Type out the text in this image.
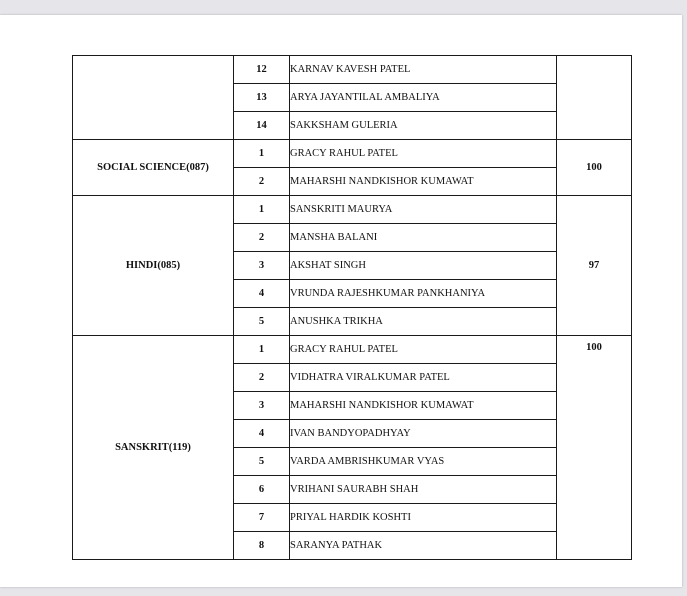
	12	KARNAV KAVESH PATEL	
	13	ARYA JAYANTILAL AMBALIYA	
	14	SAKKSHAM GULERIA	
SOCIAL SCIENCE(087)	1	GRACY RAHUL PATEL	100
	2	MAHARSHI NANDKISHOR KUMAWAT	
HINDI(085)	1	SANSKRITI MAURYA	97
	2	MANSHA BALANI	
	3	AKSHAT SINGH	
	4	VRUNDA RAJESHKUMAR PANKHANIYA	
	5	ANUSHKA TRIKHA	
SANSKRIT(119)	1	GRACY RAHUL PATEL	100
	2	VIDHATRA VIRALKUMAR PATEL	
	3	MAHARSHI NANDKISHOR KUMAWAT	
	4	IVAN BANDYOPADHYAY	
	5	VARDA AMBRISHKUMAR VYAS	
	6	VRIHANI SAURABH SHAH	
	7	PRIYAL HARDIK KOSHTI	
	8	SARANYA PATHAK	
